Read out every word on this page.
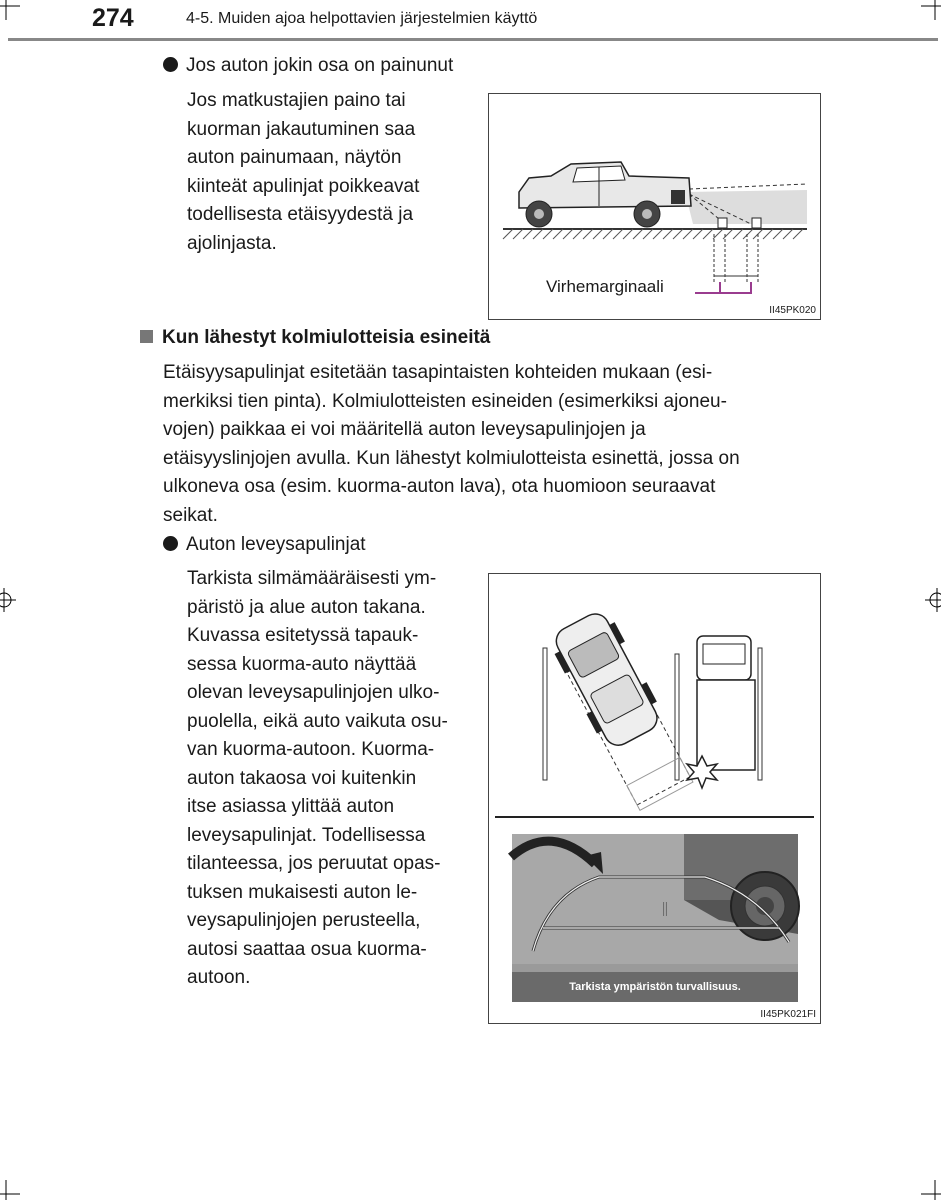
274	4-5. Muiden ajoa helpottavien järjestelmien käyttö
Jos auton jokin osa on painunut
Jos matkustajien paino tai
kuorman jakautuminen saa
auton painumaan, näytön
kiinteät apulinjat poikkeavat
todellisesta etäisyydestä ja
ajolinjasta.
Virhemarginaali
II45PK020
Kun lähestyt kolmiulotteisia esineitä
Etäisyysapulinjat esitetään tasapintaisten kohteiden mukaan (esi-
merkiksi tien pinta). Kolmiulotteisten esineiden (esimerkiksi ajoneu-
vojen) paikkaa ei voi määritellä auton leveysapulinjojen ja
etäisyyslinjojen avulla. Kun lähestyt kolmiulotteista esinettä, jossa on
ulkoneva osa (esim. kuorma-auton lava), ota huomioon seuraavat
seikat.
Auton leveysapulinjat
Tarkista silmämääräisesti ym-
päristö ja alue auton takana.
Kuvassa esitetyssä tapauk-
sessa kuorma-auto näyttää
olevan leveysapulinjojen ulko-
puolella, eikä auto vaikuta osu-
van kuorma-autoon. Kuorma-
auton takaosa voi kuitenkin
itse asiassa ylittää auton
leveysapulinjat. Todellisessa
tilanteessa, jos peruutat opas-
tuksen mukaisesti auton le-
veysapulinjojen perusteella,
autosi saattaa osua kuorma-
autoon.	Tarkista ympäristön turvallisuus.
II45PK021FI
